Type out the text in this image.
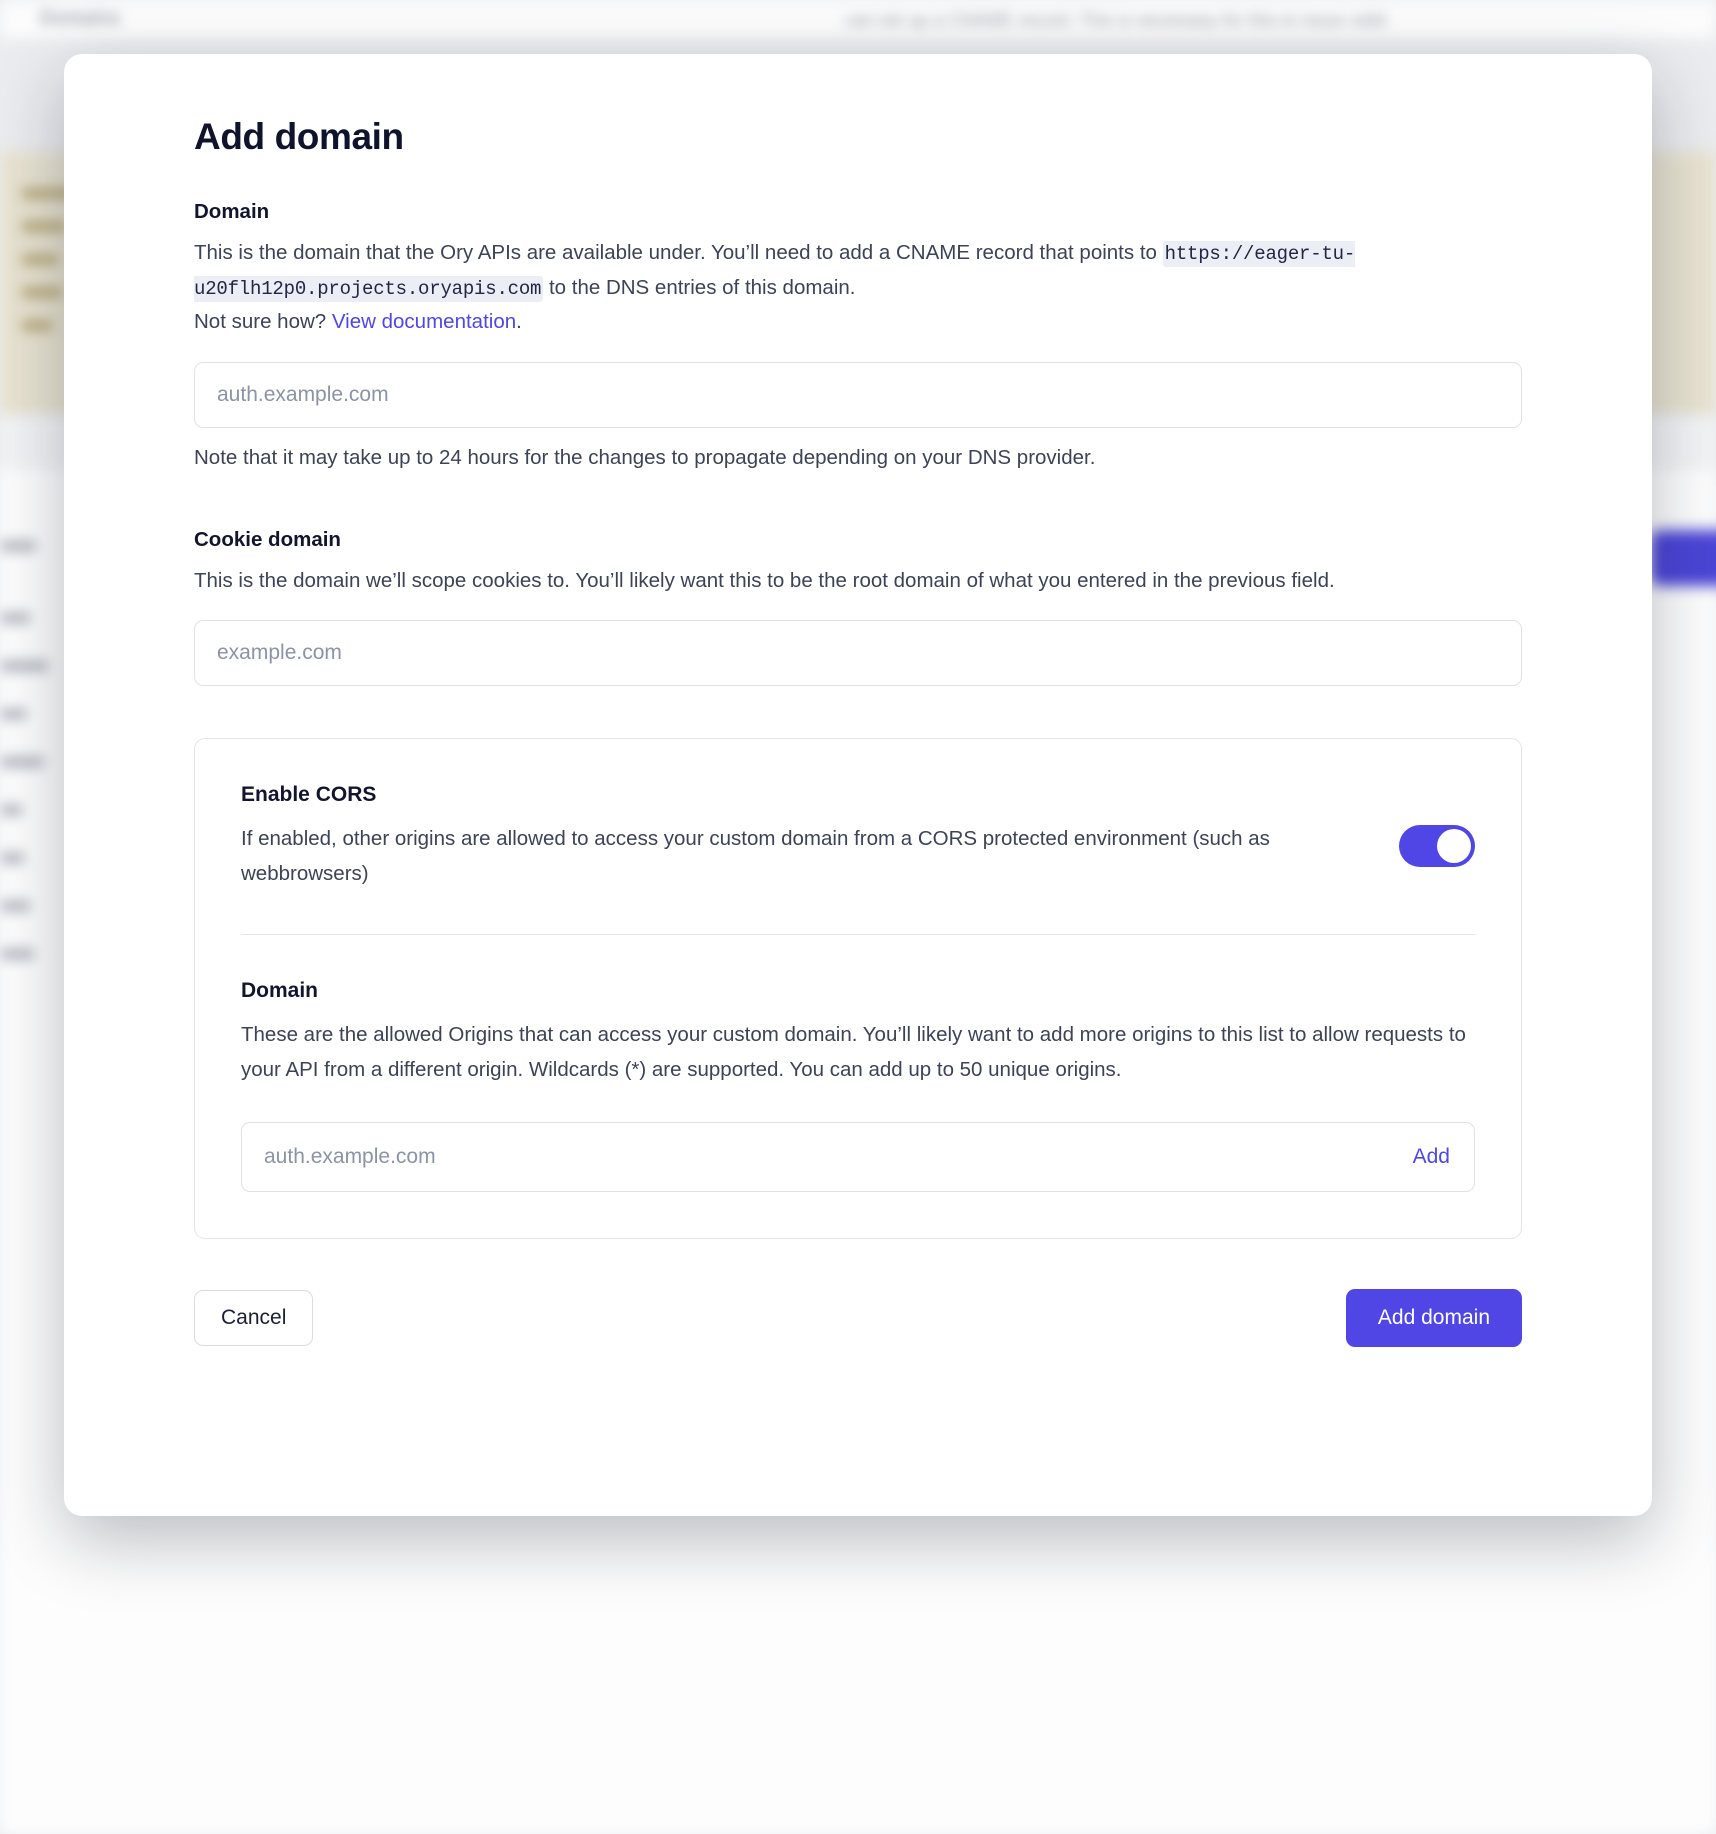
Domains	can set up a CNAME record. This is necessary for this to issue valid
Add domain
Domain

This is the domain that the Ory APIs are available under. You’ll need to add a CNAME record that points to https://eager-tu-u20flh12p0.projects.oryapis.com to the DNS entries of this domain.
Not sure how? View documentation.

auth.example.com
Note that it may take up to 24 hours for the changes to propagate depending on your DNS provider.
Cookie domain

This is the domain we’ll scope cookies to. You’ll likely want this to be the root domain of what you entered in the previous field.

example.com
Enable CORS

If enabled, other origins are allowed to access your custom domain from a CORS protected environment (such as webbrowsers)

Domain

These are the allowed Origins that can access your custom domain. You’ll likely want to add more origins to this list to allow requests to your API from a different origin. Wildcards (*) are supported. You can add up to 50 unique origins.

auth.example.com
Add
Cancel	Add domain
